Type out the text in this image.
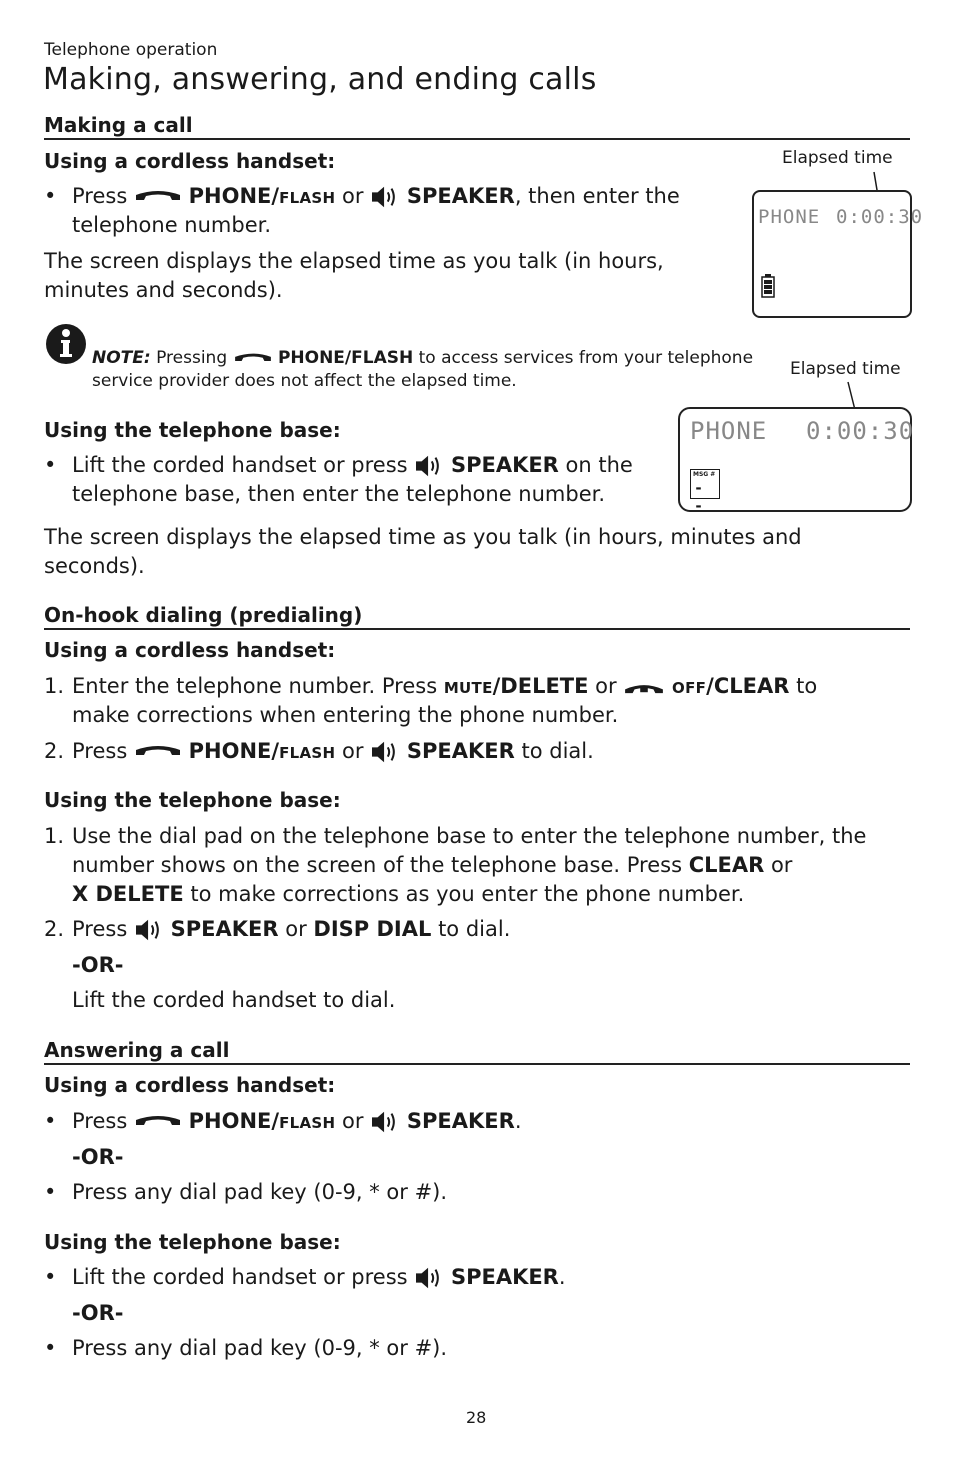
Telephone operation
Making, answering, and ending calls
Making a call
Using a cordless handset:
• Press	PHONE/FLASH or SPEAKER, then enter the
telephone number.
The screen displays the elapsed time as you talk (in hours,
minutes and seconds).
NOTE: Pressing	PHONE/FLASH to access services from your telephone
service provider does not affect the elapsed time.
Elapsed time
PHONE 0:00:30
Using the telephone base:
• Lift the corded handset or press SPEAKER on the
telephone base, then enter the telephone number.
Elapsed time
PHONE 0:00:30
MSG #
- -
The screen displays the elapsed time as you talk (in hours, minutes and
seconds).
On-hook dialing (predialing)
Using a cordless handset:
1. Enter the telephone number. Press MUTE/DELETE or	OFF/CLEAR to
make corrections when entering the phone number.
2. Press	PHONE/FLASH or SPEAKER to dial.
Using the telephone base:
1. Use the dial pad on the telephone base to enter the telephone number, the
number shows on the screen of the telephone base. Press CLEAR or
X DELETE to make corrections as you enter the phone number.
2. Press SPEAKER or DISP DIAL to dial.
-OR-
Lift the corded handset to dial.
Answering a call
Using a cordless handset:
• Press	PHONE/FLASH or SPEAKER.
-OR-
• Press any dial pad key (0-9, * or #).
Using the telephone base:
• Lift the corded handset or press SPEAKER.
-OR-
• Press any dial pad key (0-9, * or #).
28
